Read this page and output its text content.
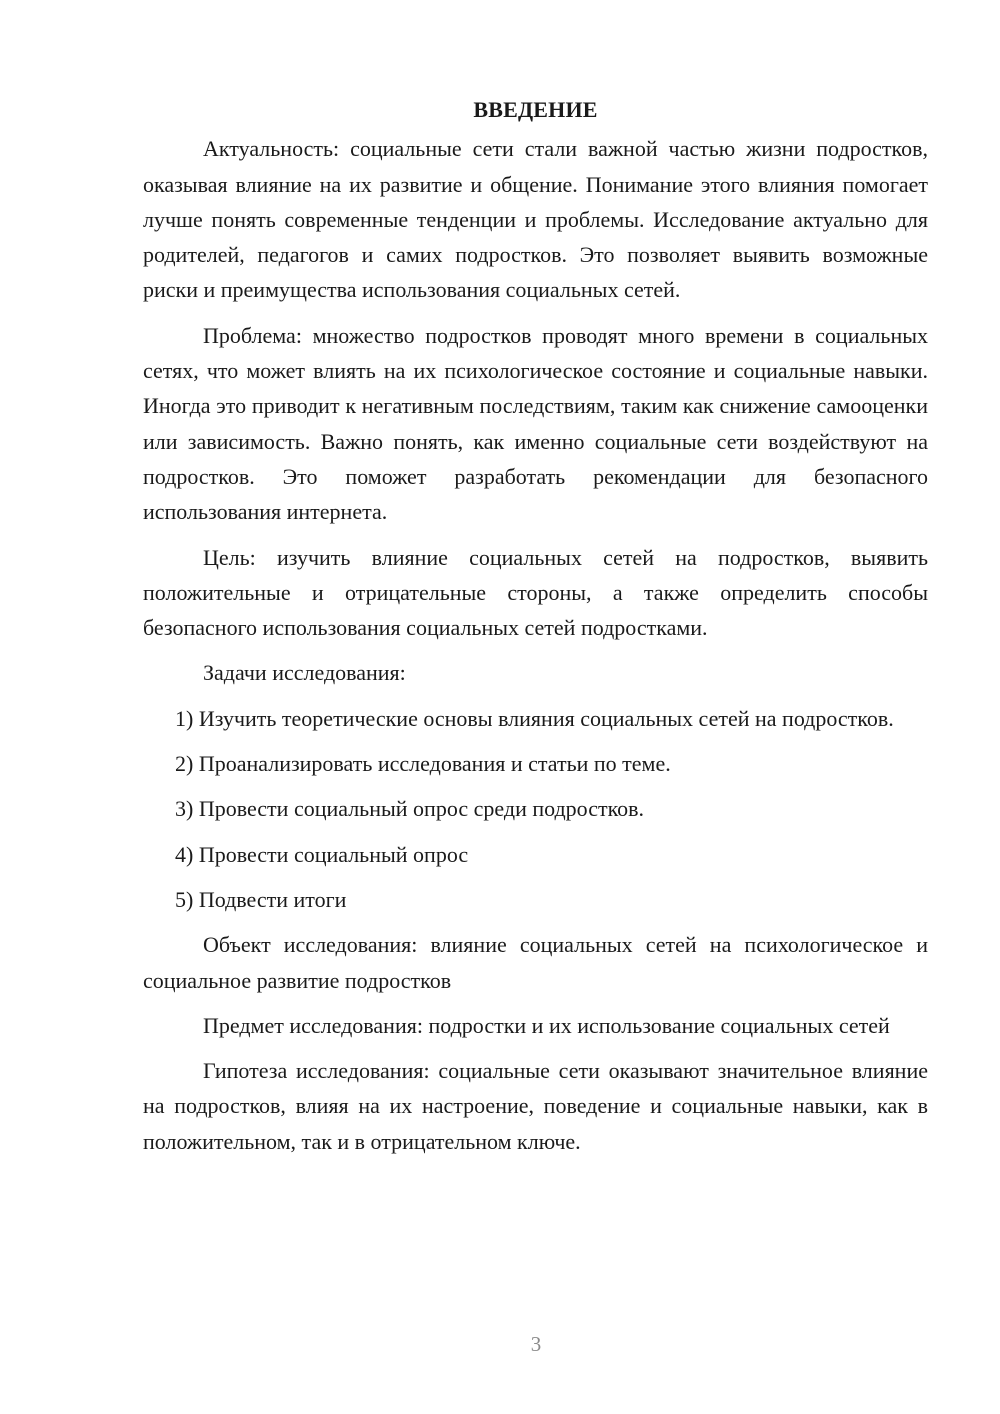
ВВЕДЕНИЕ

Актуальность: социальные сети стали важной частью жизни подростков, оказывая влияние на их развитие и общение. Понимание этого влияния помогает лучше понять современные тенденции и проблемы. Исследование актуально для родителей, педагогов и самих подростков. Это позволяет выявить возможные риски и преимущества использования социальных сетей.

Проблема: множество подростков проводят много времени в социальных сетях, что может влиять на их психологическое состояние и социальные навыки. Иногда это приводит к негативным последствиям, таким как снижение самооценки или зависимость. Важно понять, как именно социальные сети воздействуют на подростков. Это поможет разработать рекомендации для безопасного использования интернета.

Цель: изучить влияние социальных сетей на подростков, выявить положительные и отрицательные стороны, а также определить способы безопасного использования социальных сетей подростками.

Задачи исследования:

1) Изучить теоретические основы влияния социальных сетей на подростков.

2) Проанализировать исследования и статьи по теме.

3) Провести социальный опрос среди подростков.

4) Провести социальный опрос

5) Подвести итоги

Объект исследования: влияние социальных сетей на психологическое и социальное развитие подростков

Предмет исследования: подростки и их использование социальных сетей

Гипотеза исследования: социальные сети оказывают значительное влияние на подростков, влияя на их настроение, поведение и социальные навыки, как в положительном, так и в отрицательном ключе.

3
